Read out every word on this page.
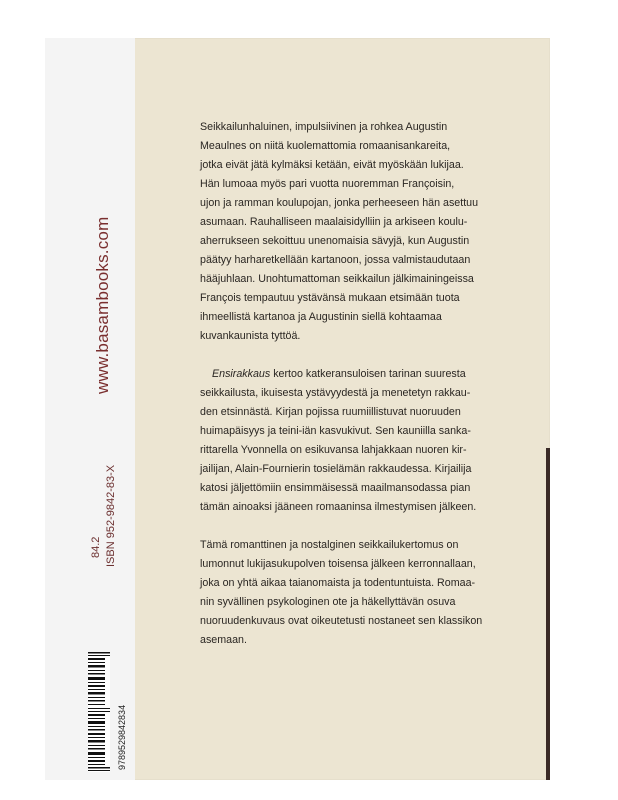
www.basambooks.com
84.2 ISBN 952-9842-83-X
9789529842834

Seikkailunhaluinen, impulsiivinen ja rohkea Augustin
Meaulnes on niitä kuolemattomia romaanisankareita,
jotka eivät jätä kylmäksi ketään, eivät myöskään lukijaa.
Hän lumoaa myös pari vuotta nuoremman Françoisin,
ujon ja ramman koulupojan, jonka perheeseen hän asettuu
asumaan. Rauhalliseen maalaisidylliin ja arkiseen koulu-
aherrukseen sekoittuu unenomaisia sävyjä, kun Augustin
päätyy harharetkellään kartanoon, jossa valmistaudutaan
hääjuhlaan. Unohtumattoman seikkailun jälkimainingeissa
François tempautuu ystävänsä mukaan etsimään tuota
ihmeellistä kartanoa ja Augustinin siellä kohtaamaa
kuvankaunista tyttöä.

Ensirakkaus kertoo katkeransuloisen tarinan suuresta
seikkailusta, ikuisesta ystävyydestä ja menetetyn rakkau-
den etsinnästä. Kirjan pojissa ruumiillistuvat nuoruuden
huimapäisyys ja teini-iän kasvukivut. Sen kauniilla sanka-
rittarella Yvonnella on esikuvansa lahjakkaan nuoren kir-
jailijan, Alain-Fournierin tosielämän rakkaudessa. Kirjailija
katosi jäljettömiin ensimmäisessä maailmansodassa pian
tämän ainoaksi jääneen romaaninsa ilmestymisen jälkeen.

Tämä romanttinen ja nostalginen seikkailukertomus on
lumonnut lukijasukupolven toisensa jälkeen kerronnallaan,
joka on yhtä aikaa taianomaista ja todentuntuista. Romaa-
nin syvällinen psykologinen ote ja häkellyttävän osuva
nuoruudenkuvaus ovat oikeutetusti nostaneet sen klassikon
asemaan.
